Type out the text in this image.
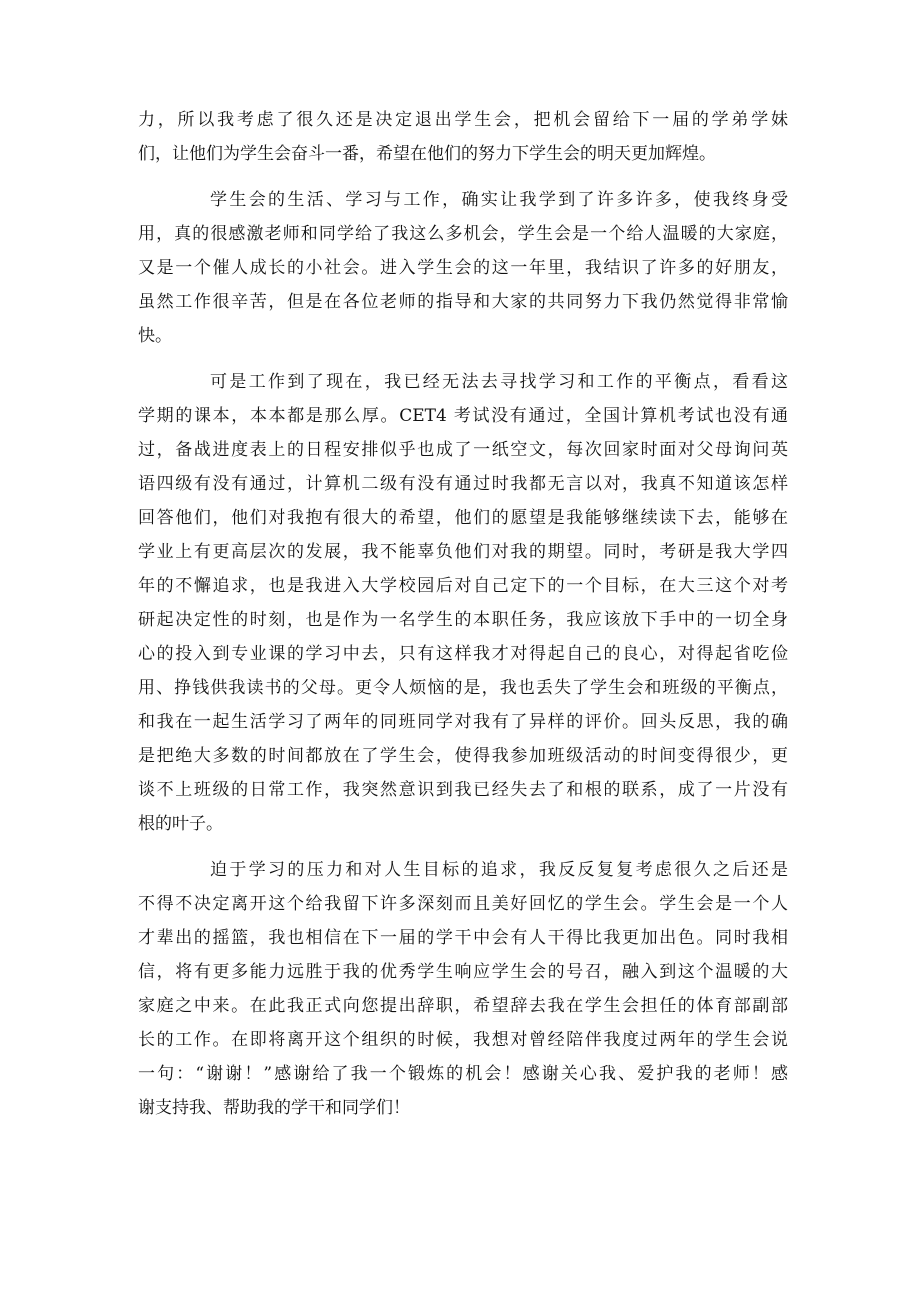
力，所以我考虑了很久还是决定退出学生会，把机会留给下一届的学弟学妹
们，让他们为学生会奋斗一番，希望在他们的努力下学生会的明天更加辉煌。
学生会的生活、学习与工作，确实让我学到了许多许多，使我终身受
用，真的很感激老师和同学给了我这么多机会，学生会是一个给人温暖的大家庭，
又是一个催人成长的小社会。进入学生会的这一年里，我结识了许多的好朋友，
虽然工作很辛苦，但是在各位老师的指导和大家的共同努力下我仍然觉得非常愉
快。
可是工作到了现在，我已经无法去寻找学习和工作的平衡点，看看这
学期的课本，本本都是那么厚。CET4 考试没有通过，全国计算机考试也没有通
过，备战进度表上的日程安排似乎也成了一纸空文，每次回家时面对父母询问英
语四级有没有通过，计算机二级有没有通过时我都无言以对，我真不知道该怎样
回答他们，他们对我抱有很大的希望，他们的愿望是我能够继续读下去，能够在
学业上有更高层次的发展，我不能辜负他们对我的期望。同时，考研是我大学四
年的不懈追求，也是我进入大学校园后对自己定下的一个目标，在大三这个对考
研起决定性的时刻，也是作为一名学生的本职任务，我应该放下手中的一切全身
心的投入到专业课的学习中去，只有这样我才对得起自己的良心，对得起省吃俭
用、挣钱供我读书的父母。更令人烦恼的是，我也丢失了学生会和班级的平衡点，
和我在一起生活学习了两年的同班同学对我有了异样的评价。回头反思，我的确
是把绝大多数的时间都放在了学生会，使得我参加班级活动的时间变得很少，更
谈不上班级的日常工作，我突然意识到我已经失去了和根的联系，成了一片没有
根的叶子。
迫于学习的压力和对人生目标的追求，我反反复复考虑很久之后还是
不得不决定离开这个给我留下许多深刻而且美好回忆的学生会。学生会是一个人
才辈出的摇篮，我也相信在下一届的学干中会有人干得比我更加出色。同时我相
信，将有更多能力远胜于我的优秀学生响应学生会的号召，融入到这个温暖的大
家庭之中来。在此我正式向您提出辞职，希望辞去我在学生会担任的体育部副部
长的工作。在即将离开这个组织的时候，我想对曾经陪伴我度过两年的学生会说
一句：“谢谢！”感谢给了我一个锻炼的机会！感谢关心我、爱护我的老师！感
谢支持我、帮助我的学干和同学们！
